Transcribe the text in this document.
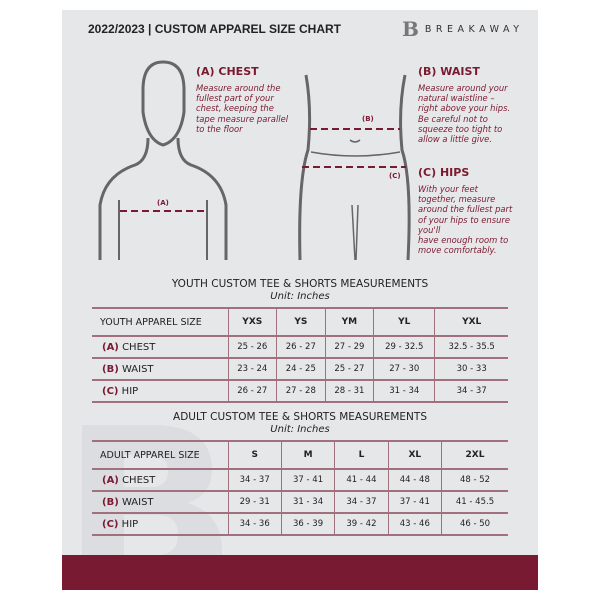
2022/2023 | CUSTOM APPAREL SIZE CHART	B BREAKAWAY
(A)
(B)
(C)
(A) CHEST
Measure around the
fullest part of your
chest, keeping the
tape measure parallel
to the floor
(B) WAIST
Measure around your
natural waistline –
right above your hips.
Be careful not to
squeeze too tight to
allow a little give.
(C) HIPS
With your feet
together, measure
around the fullest part
of your hips to ensure
you'll
have enough room to
move comfortably.
YOUTH CUSTOM TEE & SHORTS MEASUREMENTS
Unit: Inches
YOUTH APPAREL SIZE	YXS	YS	YM	YL	YXL
(A) CHEST	25 - 26	26 - 27	27 - 29	29 - 32.5	32.5 - 35.5
(B) WAIST	23 - 24	24 - 25	25 - 27	27 - 30	30 - 33
(C) HIP	26 - 27	27 - 28	28 - 31	31 - 34	34 - 37
ADULT CUSTOM TEE & SHORTS MEASUREMENTS
Unit: Inches
ADULT APPAREL SIZE	S	M	L	XL	2XL
(A) CHEST	34 - 37	37 - 41	41 - 44	44 - 48	48 - 52
(B) WAIST	29 - 31	31 - 34	34 - 37	37 - 41	41 - 45.5
(C) HIP	34 - 36	36 - 39	39 - 42	43 - 46	46 - 50
